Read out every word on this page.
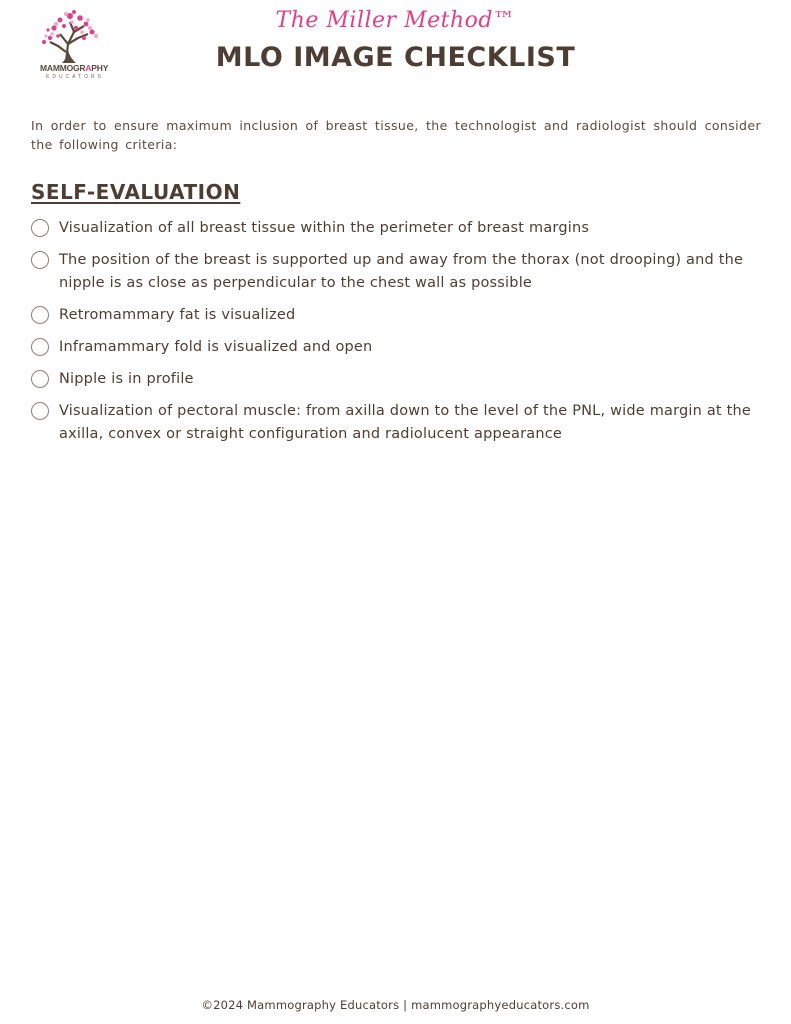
MAMMOGRAPHY
EDUCATORS
The Miller Method™
MLO IMAGE CHECKLIST
In order to ensure maximum inclusion of breast tissue, the technologist and radiologist should consider the following criteria:
SELF-EVALUATION
Visualization of all breast tissue within the perimeter of breast margins
The position of the breast is supported up and away from the thorax (not drooping) and the nipple is as close as perpendicular to the chest wall as possible
Retromammary fat is visualized
Inframammary fold is visualized and open
Nipple is in profile
Visualization of pectoral muscle: from axilla down to the level of the PNL, wide margin at the axilla, convex or straight configuration and radiolucent appearance
©2024 Mammography Educators | mammographyeducators.com
